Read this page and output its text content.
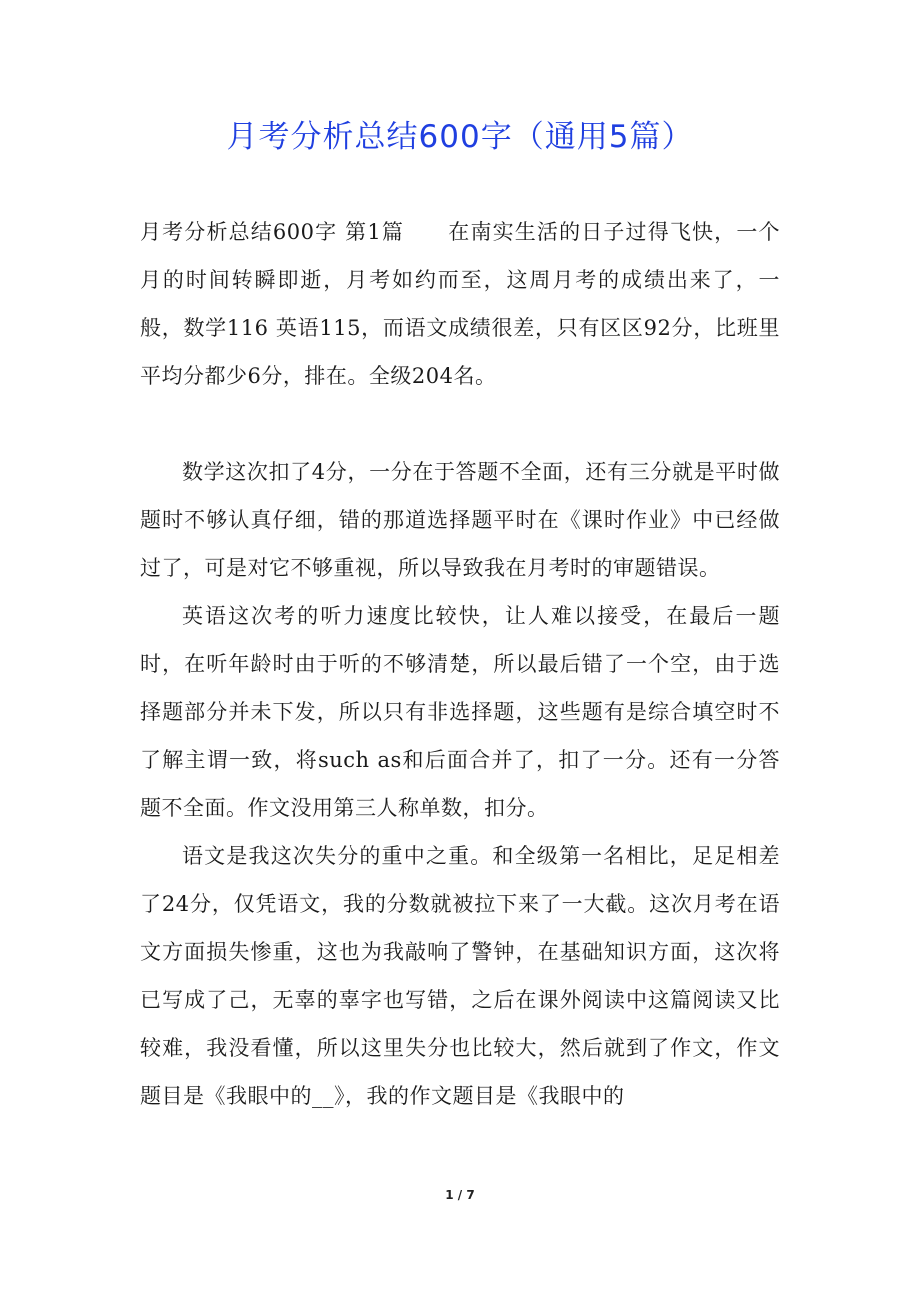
月考分析总结600字（通用5篇）

月考分析总结600字 第1篇　　在南实生活的日子过得飞快，一个月的时间转瞬即逝，月考如约而至，这周月考的成绩出来了，一般，数学116 英语115，而语文成绩很差，只有区区92分，比班里平均分都少6分，排在。全级204名。

数学这次扣了4分，一分在于答题不全面，还有三分就是平时做题时不够认真仔细，错的那道选择题平时在《课时作业》中已经做过了，可是对它不够重视，所以导致我在月考时的审题错误。

英语这次考的听力速度比较快，让人难以接受，在最后一题时，在听年龄时由于听的不够清楚，所以最后错了一个空，由于选择题部分并未下发，所以只有非选择题，这些题有是综合填空时不了解主谓一致，将such as和后面合并了，扣了一分。还有一分答题不全面。作文没用第三人称单数，扣分。

语文是我这次失分的重中之重。和全级第一名相比，足足相差了24分，仅凭语文，我的分数就被拉下来了一大截。这次月考在语文方面损失惨重，这也为我敲响了警钟，在基础知识方面，这次将已写成了己，无辜的辜字也写错，之后在课外阅读中这篇阅读又比较难，我没看懂，所以这里失分也比较大，然后就到了作文，作文题目是《我眼中的__》，我的作文题目是《我眼中的

1 / 7
